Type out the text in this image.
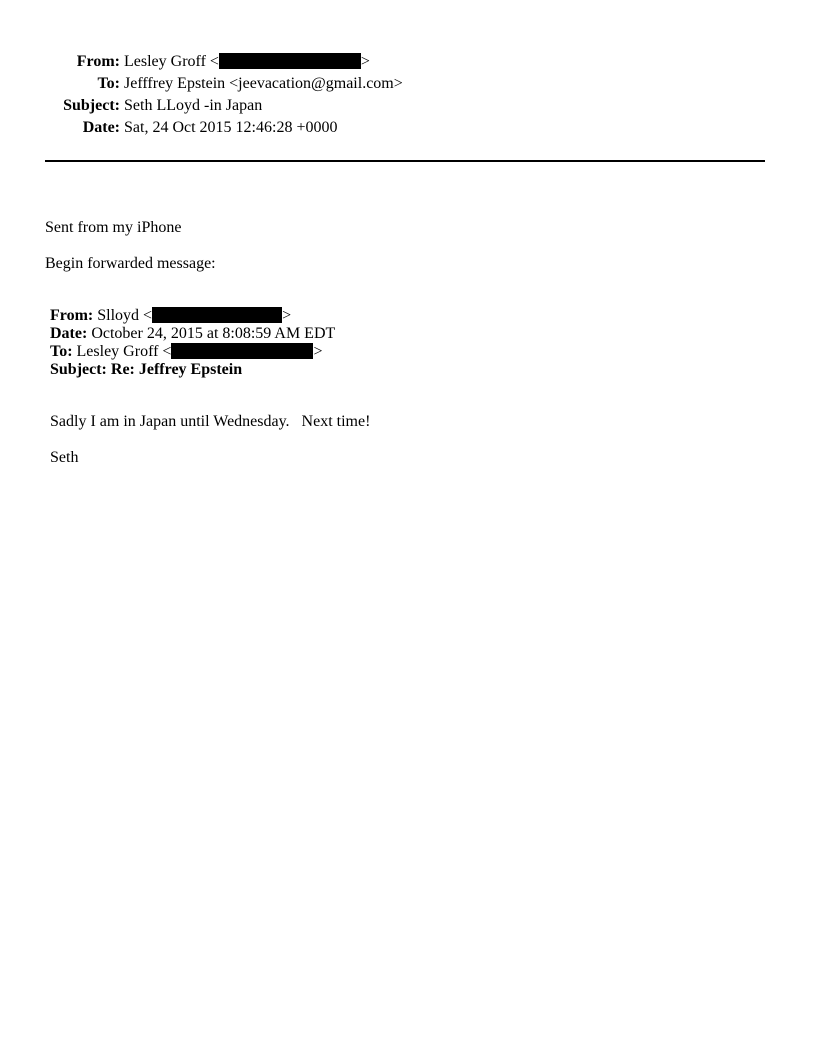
From: Lesley Groff <	>
To: Jefffrey Epstein <jeevacation@gmail.com>
Subject: Seth LLoyd -in Japan
Date: Sat, 24 Oct 2015 12:46:28 +0000
Sent from my iPhone
Begin forwarded message:
From: Slloyd <	>
Date: October 24, 2015 at 8:08:59 AM EDT
To: Lesley Groff <	>
Subject: Re: Jeffrey Epstein
Sadly I am in Japan until Wednesday.   Next time!
Seth
